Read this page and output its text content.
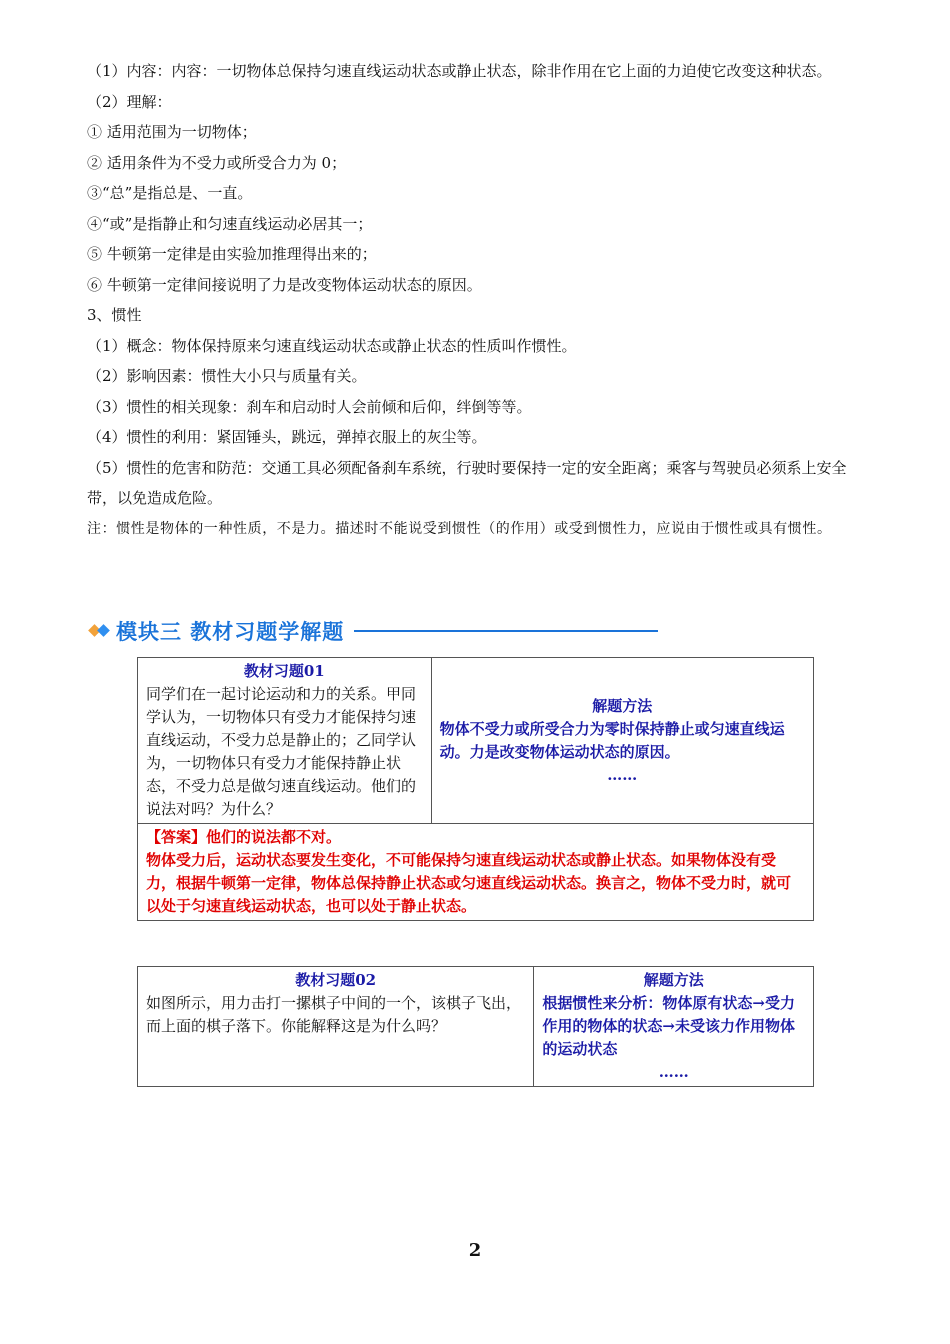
（1）内容：内容：一切物体总保持匀速直线运动状态或静止状态，除非作用在它上面的力迫使它改变这种状态。

（2）理解：

① 适用范围为一切物体；

② 适用条件为不受力或所受合力为 0；

③“总”是指总是、一直。

④“或”是指静止和匀速直线运动必居其一；

⑤ 牛顿第一定律是由实验加推理得出来的；

⑥ 牛顿第一定律间接说明了力是改变物体运动状态的原因。

3、惯性

（1）概念：物体保持原来匀速直线运动状态或静止状态的性质叫作惯性。

（2）影响因素：惯性大小只与质量有关。

（3）惯性的相关现象：刹车和启动时人会前倾和后仰，绊倒等等。

（4）惯性的利用：紧固锤头，跳远，弹掉衣服上的灰尘等。

（5）惯性的危害和防范：交通工具必须配备刹车系统，行驶时要保持一定的安全距离；乘客与驾驶员必须系上安全带，以免造成危险。

注：惯性是物体的一种性质，不是力。描述时不能说受到惯性（的作用）或受到惯性力，应说由于惯性或具有惯性。

模块三 教材习题学解题
教材习题01
同学们在一起讨论运动和力的关系。甲同学认为，一切物体只有受力才能保持匀速直线运动，不受力总是静止的；乙同学认为，一切物体只有受力才能保持静止状态，不受力总是做匀速直线运动。他们的说法对吗？为什么？

解题方法
物体不受力或所受合力为零时保持静止或匀速直线运动。力是改变物体运动状态的原因。
……

【答案】他们的说法都不对。
物体受力后，运动状态要发生变化，不可能保持匀速直线运动状态或静止状态。如果物体没有受力，根据牛顿第一定律，物体总保持静止状态或匀速直线运动状态。换言之，物体不受力时，就可以处于匀速直线运动状态，也可以处于静止状态。
教材习题02
如图所示，用力击打一摞棋子中间的一个，该棋子飞出，而上面的棋子落下。你能解释这是为什么吗？

解题方法
根据惯性来分析：物体原有状态→受力作用的物体的状态→未受该力作用物体的运动状态
……
2
